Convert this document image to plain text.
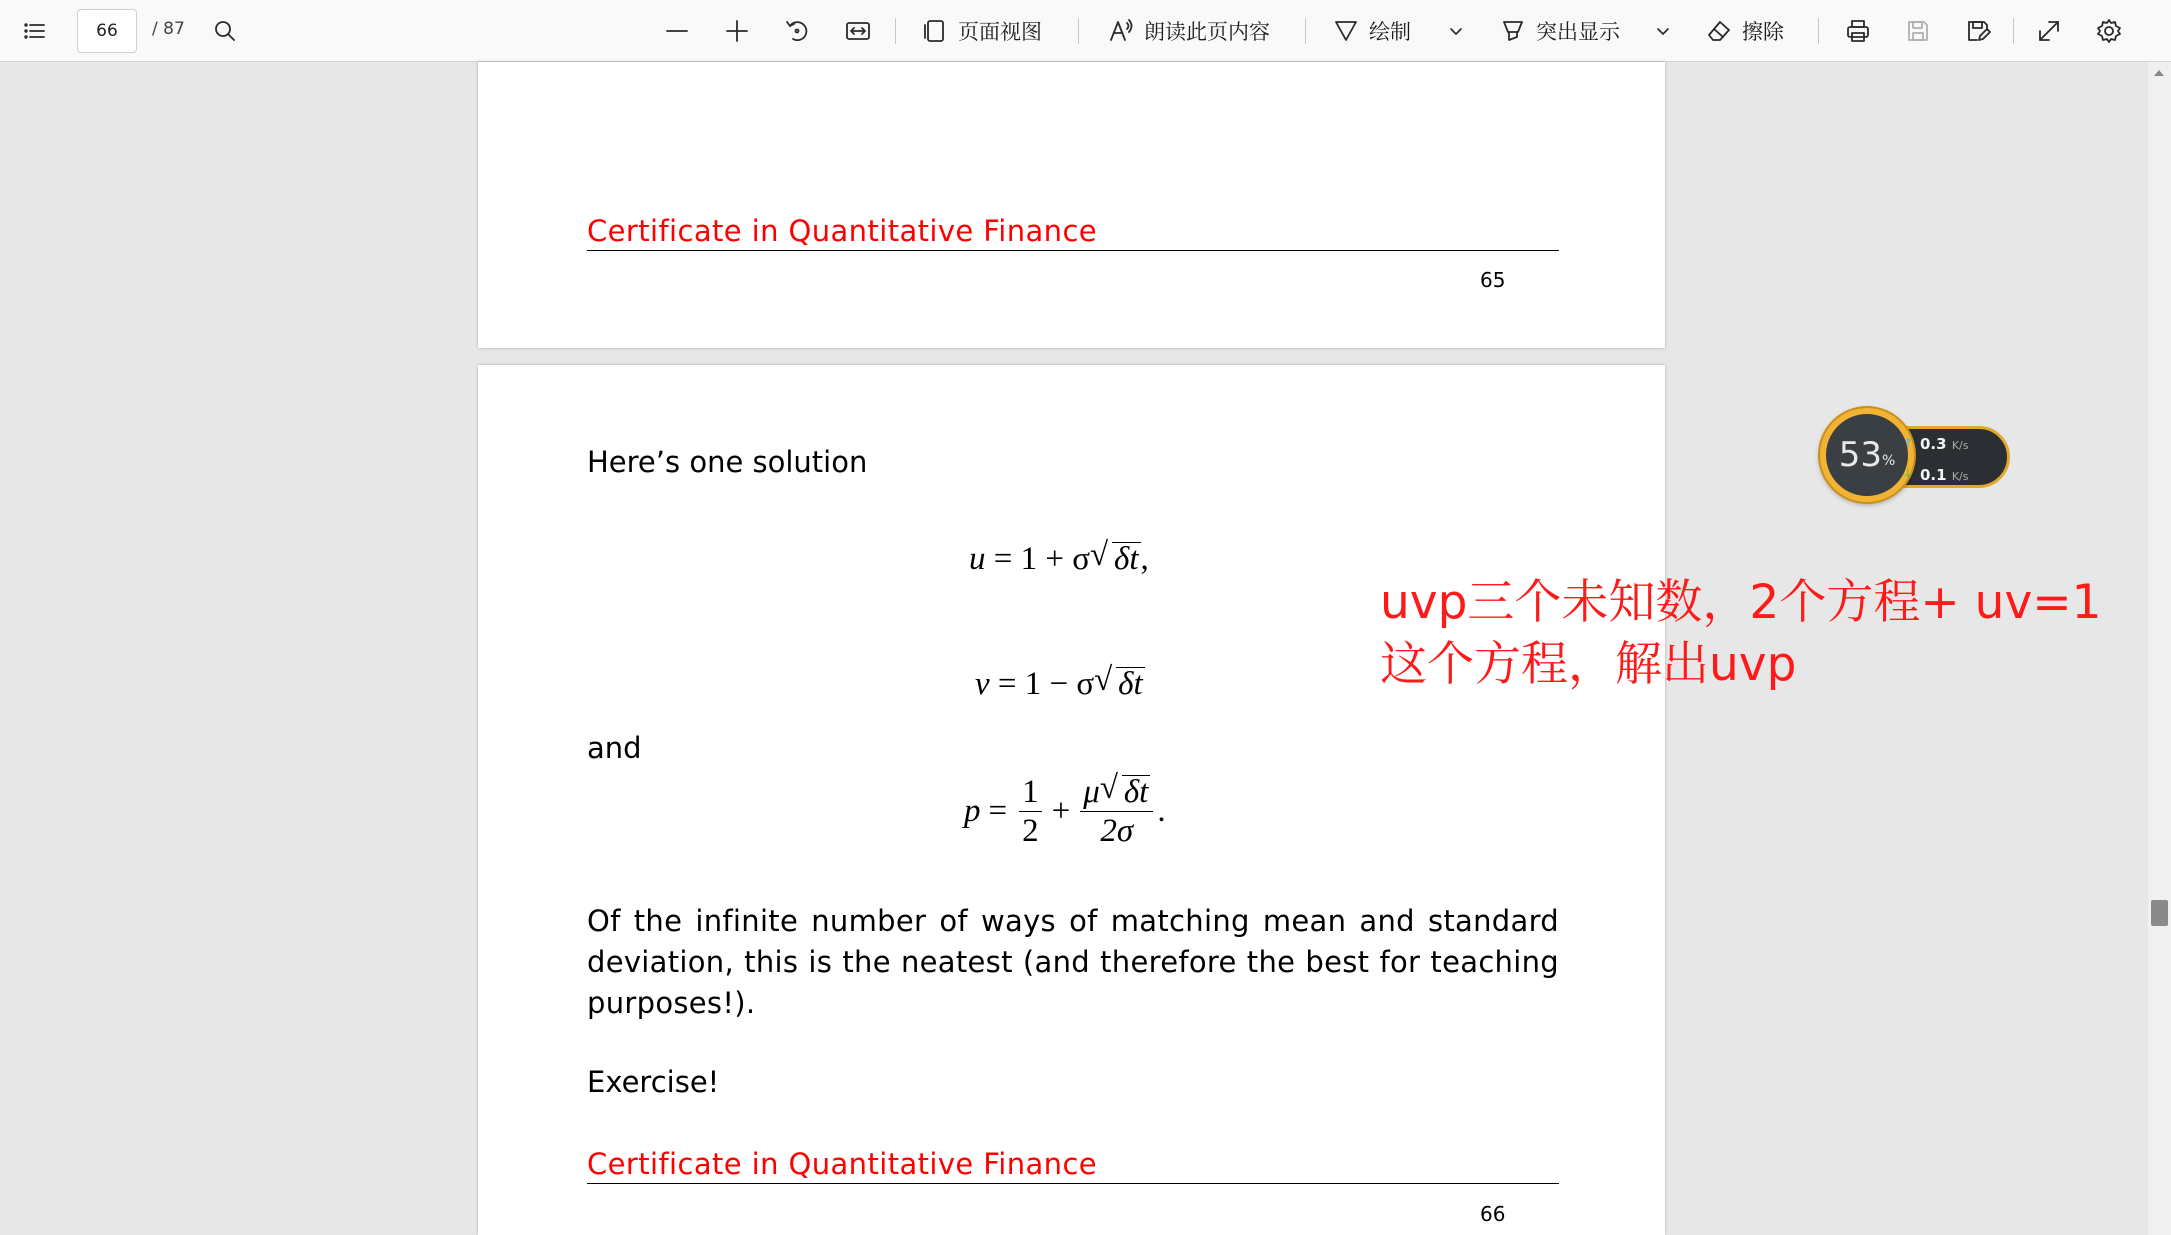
66
/ 87	页面视图	朗读此页内容	绘制	突出显示	擦除
Certificate in Quantitative Finance
65
Here’s one solution
u = 1 + σ √ δt,
v = 1 − σ √ δt
and
$p = \frac{1}{2} + \frac{\mu √ \delta t}{2\sigma}$ .
Of the infinite number of ways of matching mean and standard deviation, this is the neatest (and therefore the best for teaching purposes!).
Exercise!
Certificate in Quantitative Finance
66
uvp三个未知数，2个方程+ uv=1
这个方程，解出uvp
53 %
↑ 0.3 K/s
↓ 0.1 K/s
